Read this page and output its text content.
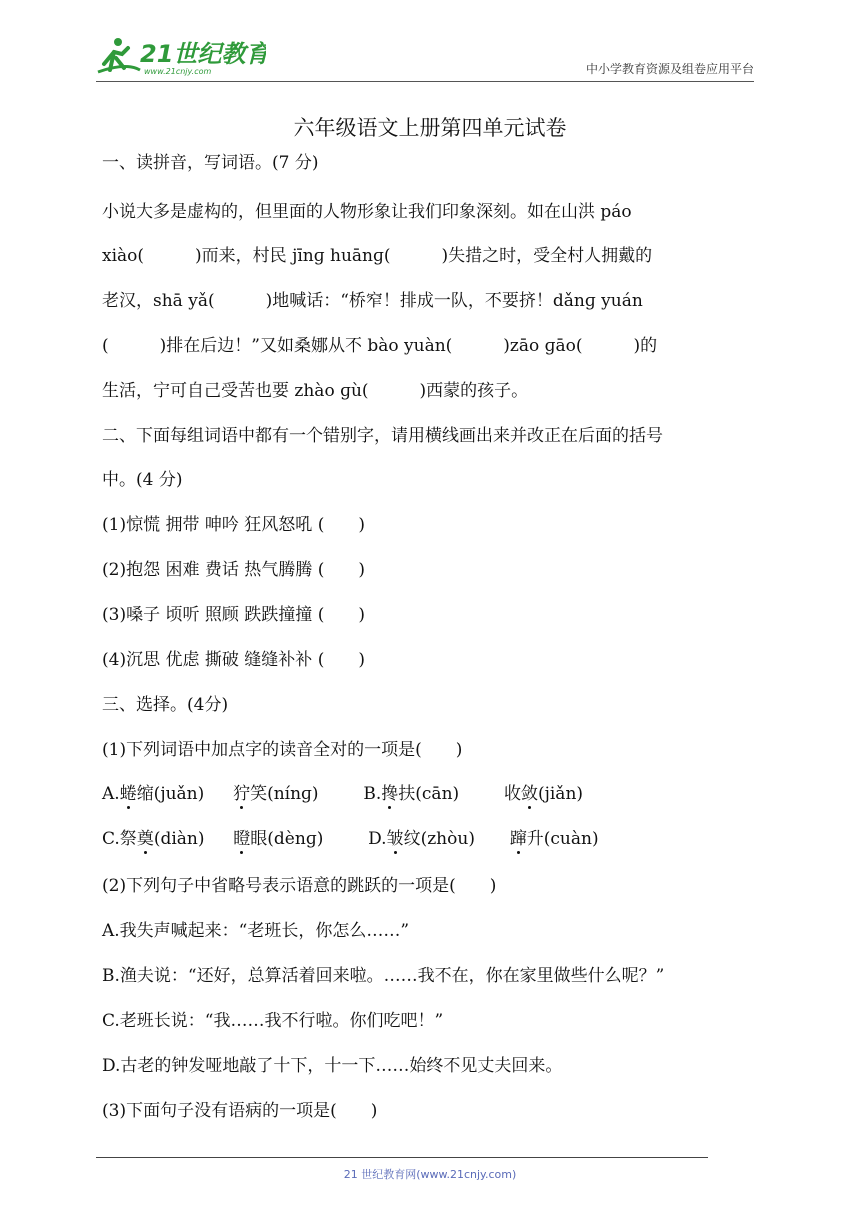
21世纪教育
www.21cnjy.com	中小学教育资源及组卷应用平台
六年级语文上册第四单元试卷
一、读拼音，写词语。(7 分)
小说大多是虚构的，但里面的人物形象让我们印象深刻。如在山洪 páo
xiào(　　　)而来，村民 jīnɡ huānɡ(　　　)失措之时，受全村人拥戴的
老汉，shā yǎ(　　　)地喊话：“桥窄！排成一队，不要挤！dǎnɡ yuán
(　　　)排在后边！”又如桑娜从不 bào yuàn(　　　)zāo ɡāo(　　　)的
生活，宁可自己受苦也要 zhào ɡù(　　　)西蒙的孩子。
二、下面每组词语中都有一个错别字，请用横线画出来并改正在后面的括号
中。(4 分)
(1)惊慌 拥带 呻吟 狂风怒吼 (　　)
(2)抱怨 困难 费话 热气腾腾 (　　)
(3)嗓子 顷听 照顾 跌跌撞撞 (　　)
(4)沉思 优虑 撕破 缝缝补补 (　　)
三、选择。(4分)
(1)下列词语中加点字的读音全对的一项是(　　)
A.蜷缩(juǎn) 狞笑(nínɡ)	B.搀扶(cān)	收敛(jiǎn)
C.祭奠(diàn) 瞪眼(dènɡ)	D.皱纹(zhòu) 蹿升(cuàn)
(2)下列句子中省略号表示语意的跳跃的一项是(　　)
A.我失声喊起来：“老班长，你怎么……”
B.渔夫说：“还好，总算活着回来啦。……我不在，你在家里做些什么呢？”
C.老班长说：“我……我不行啦。你们吃吧！”
D.古老的钟发哑地敲了十下，十一下……始终不见丈夫回来。
(3)下面句子没有语病的一项是(　　)
21 世纪教育网(www.21cnjy.com)
